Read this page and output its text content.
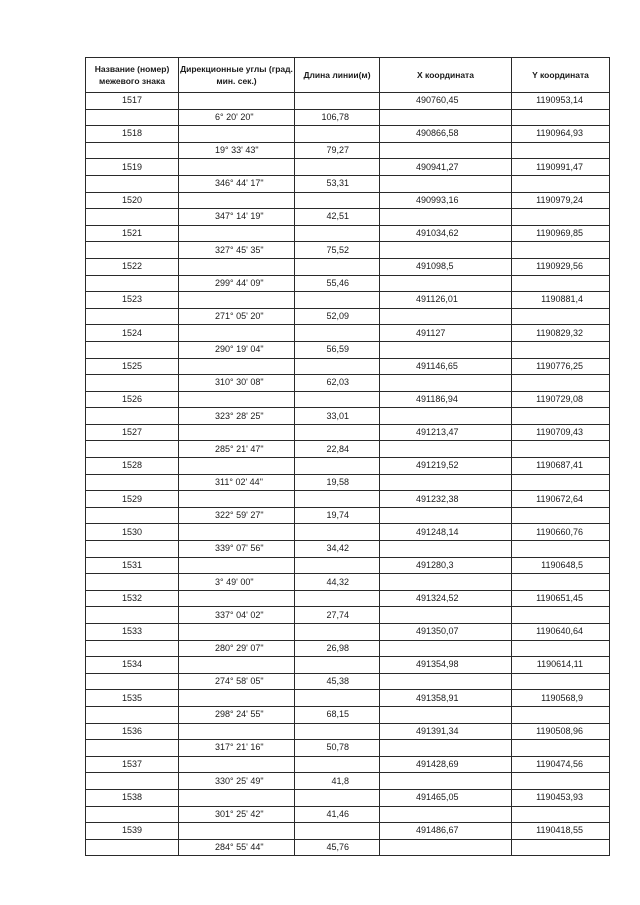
Название (номер) межевого знака	Дирекционные углы (град. мин. сек.)	Длина линии(м)	X координата	Y координата
1517			490760,45	1190953,14
	6° 20' 20"	106,78		
1518			490866,58	1190964,93
	19° 33' 43"	79,27		
1519			490941,27	1190991,47
	346° 44' 17"	53,31		
1520			490993,16	1190979,24
	347° 14' 19"	42,51		
1521			491034,62	1190969,85
	327° 45' 35"	75,52		
1522			491098,5	1190929,56
	299° 44' 09"	55,46		
1523			491126,01	1190881,4
	271° 05' 20"	52,09		
1524			491127	1190829,32
	290° 19' 04"	56,59		
1525			491146,65	1190776,25
	310° 30' 08"	62,03		
1526			491186,94	1190729,08
	323° 28' 25"	33,01		
1527			491213,47	1190709,43
	285° 21' 47"	22,84		
1528			491219,52	1190687,41
	311° 02' 44"	19,58		
1529			491232,38	1190672,64
	322° 59' 27"	19,74		
1530			491248,14	1190660,76
	339° 07' 56"	34,42		
1531			491280,3	1190648,5
	3° 49' 00"	44,32		
1532			491324,52	1190651,45
	337° 04' 02"	27,74		
1533			491350,07	1190640,64
	280° 29' 07"	26,98		
1534			491354,98	1190614,11
	274° 58' 05"	45,38		
1535			491358,91	1190568,9
	298° 24' 55"	68,15		
1536			491391,34	1190508,96
	317° 21' 16"	50,78		
1537			491428,69	1190474,56
	330° 25' 49"	41,8		
1538			491465,05	1190453,93
	301° 25' 42"	41,46		
1539			491486,67	1190418,55
	284° 55' 44"	45,76		
